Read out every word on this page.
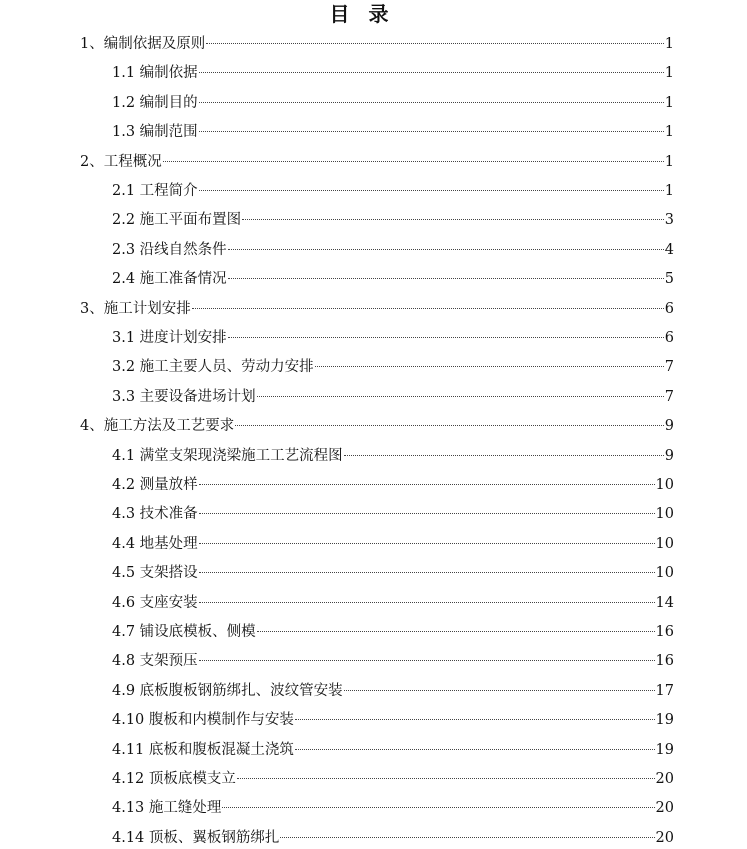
目 录
1、编制依据及原则	1
1.1 编制依据	1
1.2 编制目的	1
1.3 编制范围	1
2、工程概况	1
2.1 工程简介	1
2.2 施工平面布置图	3
2.3 沿线自然条件	4
2.4 施工准备情况	5
3、施工计划安排	6
3.1 进度计划安排	6
3.2 施工主要人员、劳动力安排	7
3.3 主要设备进场计划	7
4、施工方法及工艺要求	9
4.1 满堂支架现浇梁施工工艺流程图	9
4.2 测量放样	10
4.3 技术准备	10
4.4 地基处理	10
4.5 支架搭设	10
4.6 支座安装	14
4.7 铺设底模板、侧模	16
4.8 支架预压	16
4.9 底板腹板钢筋绑扎、波纹管安装	17
4.10 腹板和内模制作与安装	19
4.11 底板和腹板混凝土浇筑	19
4.12 顶板底模支立	20
4.13 施工缝处理	20
4.14 顶板、翼板钢筋绑扎	20
